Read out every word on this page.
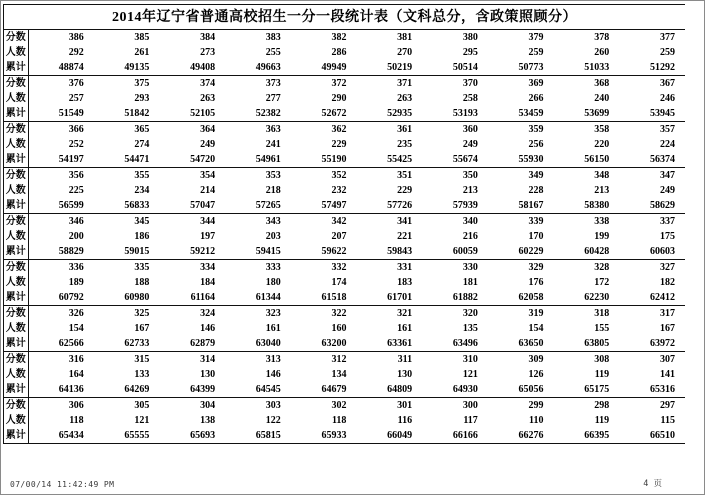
2014年辽宁省普通高校招生一分一段统计表（文科总分，含政策照顾分）
分数	386	385	384	383	382	381	380	379	378	377
人数	292	261	273	255	286	270	295	259	260	259
累计	48874	49135	49408	49663	49949	50219	50514	50773	51033	51292
分数	376	375	374	373	372	371	370	369	368	367
人数	257	293	263	277	290	263	258	266	240	246
累计	51549	51842	52105	52382	52672	52935	53193	53459	53699	53945
分数	366	365	364	363	362	361	360	359	358	357
人数	252	274	249	241	229	235	249	256	220	224
累计	54197	54471	54720	54961	55190	55425	55674	55930	56150	56374
分数	356	355	354	353	352	351	350	349	348	347
人数	225	234	214	218	232	229	213	228	213	249
累计	56599	56833	57047	57265	57497	57726	57939	58167	58380	58629
分数	346	345	344	343	342	341	340	339	338	337
人数	200	186	197	203	207	221	216	170	199	175
累计	58829	59015	59212	59415	59622	59843	60059	60229	60428	60603
分数	336	335	334	333	332	331	330	329	328	327
人数	189	188	184	180	174	183	181	176	172	182
累计	60792	60980	61164	61344	61518	61701	61882	62058	62230	62412
分数	326	325	324	323	322	321	320	319	318	317
人数	154	167	146	161	160	161	135	154	155	167
累计	62566	62733	62879	63040	63200	63361	63496	63650	63805	63972
分数	316	315	314	313	312	311	310	309	308	307
人数	164	133	130	146	134	130	121	126	119	141
累计	64136	64269	64399	64545	64679	64809	64930	65056	65175	65316
分数	306	305	304	303	302	301	300	299	298	297
人数	118	121	138	122	118	116	117	110	119	115
累计	65434	65555	65693	65815	65933	66049	66166	66276	66395	66510
07/00/14 11:42:49 PM	4 页
